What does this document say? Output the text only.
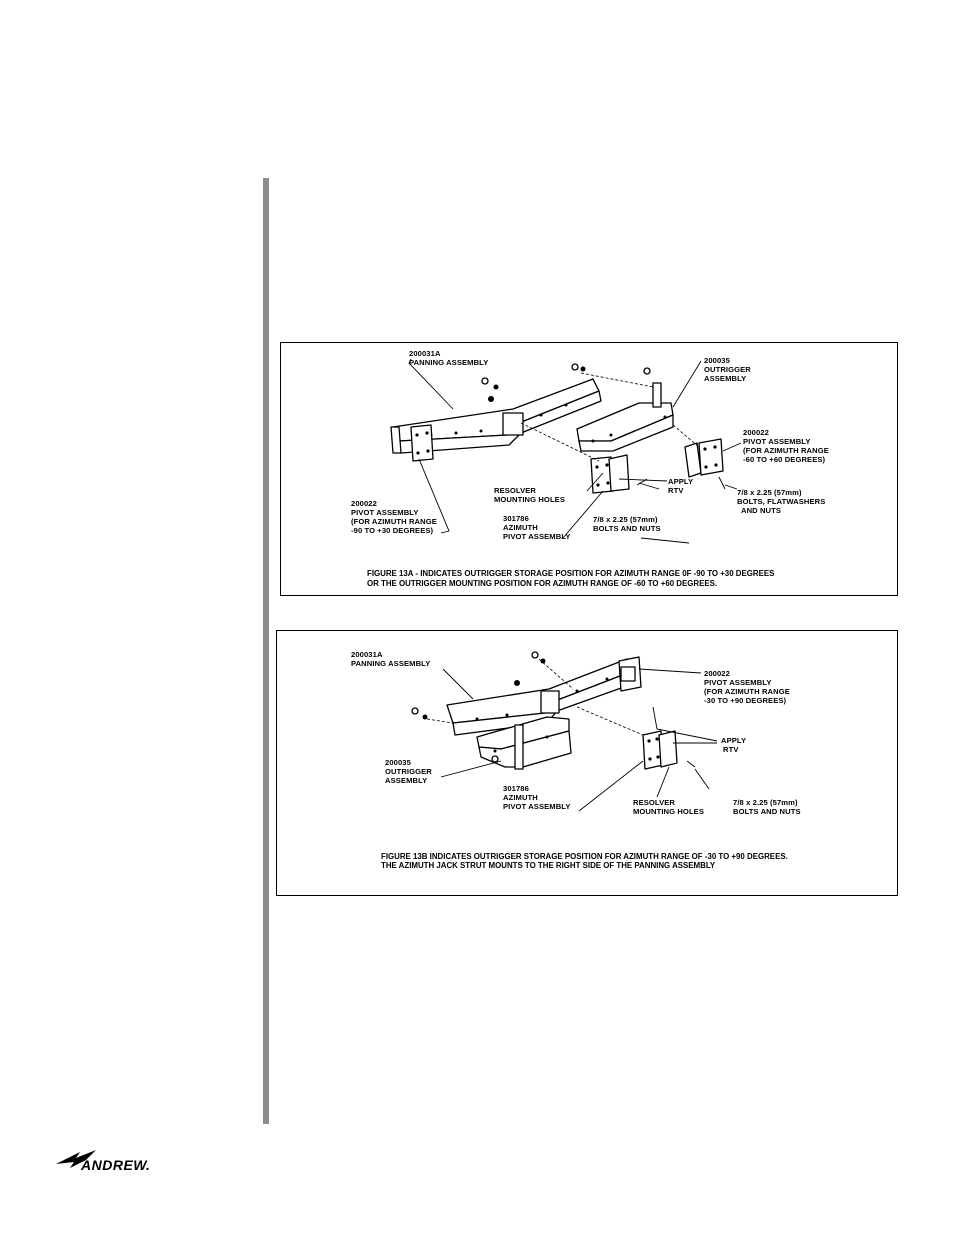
200031A
PANNING ASSEMBLY	200035
OUTRIGGER
ASSEMBLY
200022
PIVOT ASSEMBLY
(FOR AZIMUTH RANGE
-60 TO +60 DEGREES)
RESOLVER
MOUNTING HOLES
APPLY
RTV	7/8 x 2.25 (57mm)
BOLTS, FLATWASHERS
AND NUTS
200022
PIVOT ASSEMBLY
(FOR AZIMUTH RANGE
-90 TO +30 DEGREES)
301786
AZIMUTH
PIVOT ASSEMBLY
7/8 x 2.25 (57mm)
BOLTS AND NUTS
FIGURE 13A - INDICATES OUTRIGGER STORAGE POSITION FOR AZIMUTH RANGE 0F -90 TO +30 DEGREES
OR THE OUTRIGGER MOUNTING POSITION FOR AZIMUTH RANGE OF -60 TO +60 DEGREES.
200031A
PANNING ASSEMBLY
200022
PIVOT ASSEMBLY
(FOR AZIMUTH RANGE
-30 TO +90 DEGREES)
APPLY
RTV
200035
OUTRIGGER
ASSEMBLY
301786
AZIMUTH
PIVOT ASSEMBLY	RESOLVER
MOUNTING HOLES
7/8 x 2.25 (57mm)
BOLTS AND NUTS
FIGURE 13B INDICATES OUTRIGGER STORAGE POSITION FOR AZIMUTH RANGE OF -30 TO +90 DEGREES.
THE AZIMUTH JACK STRUT MOUNTS TO THE RIGHT SIDE OF THE PANNING ASSEMBLY
ANDREW.
